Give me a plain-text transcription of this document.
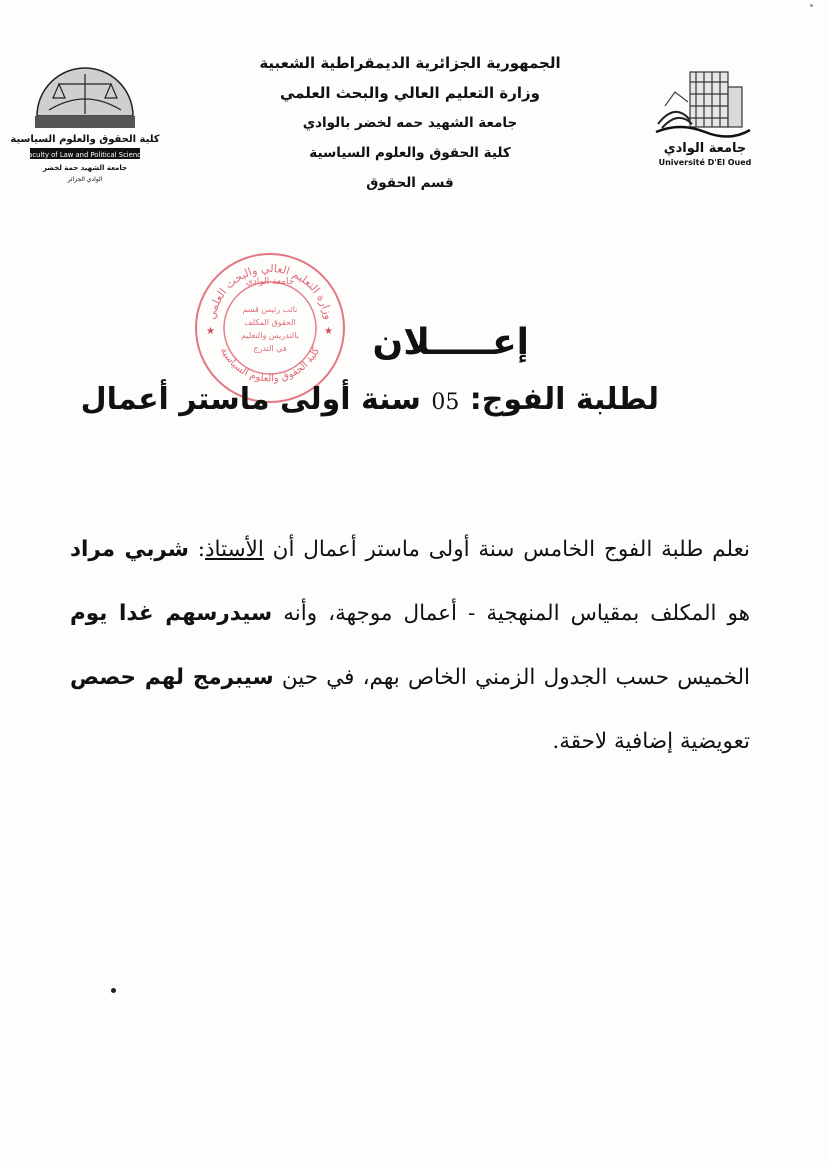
الجمهورية الجزائرية الديمقراطية الشعبية
وزارة التعليم العالي والبحث العلمي
جامعة الشهيد حمه لخضر بالوادي
كلية الحقوق والعلوم السياسية
قسم الحقوق
جامعة الوادي
Université D'El Oued
كلية الحقوق والعلوم السياسية
Faculty of Law and Political Science
جامعة الشهيد حمة لخضر
الوادي الجزائر
وزارة التعليم العالي والبحث العلمي
كلية الحقوق والعلوم السياسية
جامعة الوادي
نائب رئيس قسم
الحقوق المكلف
بالتدريس والتعليم
في التدرج
★	★ إعـــــلان
لطلبة الفوج: 05 سنة أولى ماستر أعمال
نعلم طلبة الفوج الخامس سنة أولى ماستر أعمال أن الأستاذ: شربي مراد هو المكلف بمقياس المنهجية - أعمال موجهة، وأنه سيدرسهم غدا يوم الخميس حسب الجدول الزمني الخاص بهم، في حين سيبرمج لهم حصص تعويضية إضافية لاحقة.
